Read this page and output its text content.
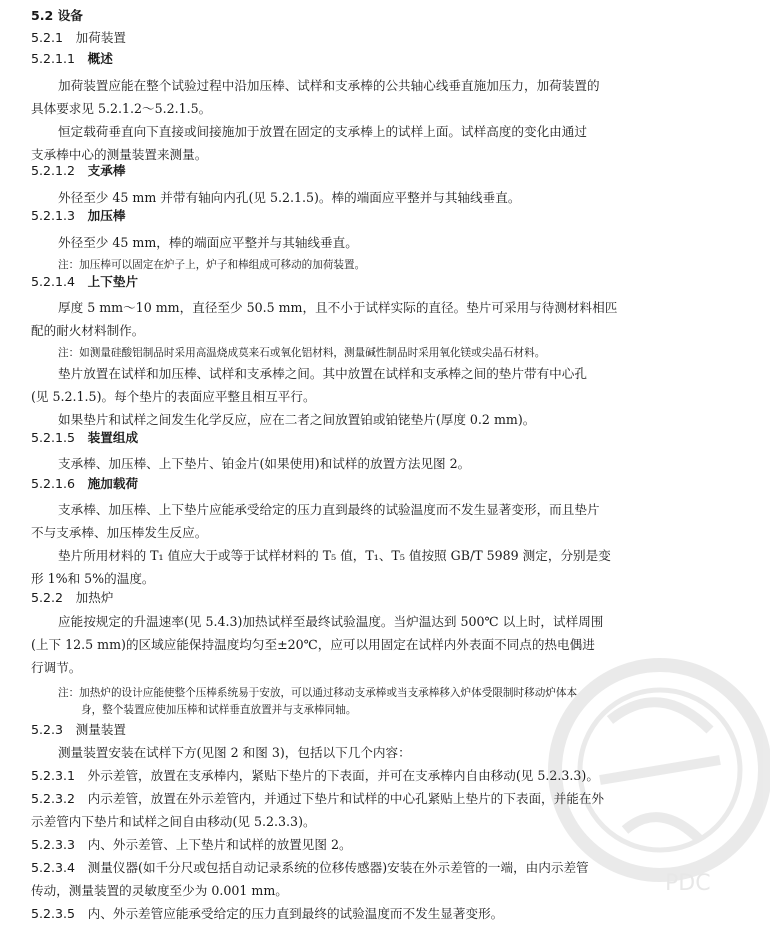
5.2 设备
5.2.1  加荷装置
5.2.1.1  概述
加荷装置应能在整个试验过程中沿加压棒、试样和支承棒的公共轴心线垂直施加压力，加荷装置的
具体要求见 5.2.1.2～5.2.1.5。
恒定载荷垂直向下直接或间接施加于放置在固定的支承棒上的试样上面。试样高度的变化由通过
支承棒中心的测量装置来测量。
5.2.1.2  支承棒
外径至少 45 mm 并带有轴向内孔(见 5.2.1.5)。棒的端面应平整并与其轴线垂直。
5.2.1.3  加压棒
外径至少 45 mm，棒的端面应平整并与其轴线垂直。
注：加压棒可以固定在炉子上，炉子和棒组成可移动的加荷装置。
5.2.1.4  上下垫片
厚度 5 mm～10 mm，直径至少 50.5 mm，且不小于试样实际的直径。垫片可采用与待测材料相匹
配的耐火材料制作。
注：如测量硅酸铝制品时采用高温烧成莫来石或氧化铝材料，测量碱性制品时采用氧化镁或尖晶石材料。
垫片放置在试样和加压棒、试样和支承棒之间。其中放置在试样和支承棒之间的垫片带有中心孔
(见 5.2.1.5)。每个垫片的表面应平整且相互平行。
如果垫片和试样之间发生化学反应，应在二者之间放置铂或铂铑垫片(厚度 0.2 mm)。
5.2.1.5  装置组成
支承棒、加压棒、上下垫片、铂金片(如果使用)和试样的放置方法见图 2。
5.2.1.6  施加载荷
支承棒、加压棒、上下垫片应能承受给定的压力直到最终的试验温度而不发生显著变形，而且垫片
不与支承棒、加压棒发生反应。
垫片所用材料的 T₁ 值应大于或等于试样材料的 T₅ 值，T₁、T₅ 值按照 GB/T 5989 测定，分别是变
形 1%和 5%的温度。
5.2.2  加热炉
应能按规定的升温速率(见 5.4.3)加热试样至最终试验温度。当炉温达到 500℃ 以上时，试样周围
(上下 12.5 mm)的区域应能保持温度均匀至±20℃，应可以用固定在试样内外表面不同点的热电偶进
行调节。
注：加热炉的设计应能使整个压棒系统易于安放，可以通过移动支承棒或当支承棒移入炉体受限制时移动炉体本
身，整个装置应使加压棒和试样垂直放置并与支承棒同轴。
5.2.3  测量装置
测量装置安装在试样下方(见图 2 和图 3)，包括以下几个内容：
5.2.3.1  外示差管，放置在支承棒内，紧贴下垫片的下表面，并可在支承棒内自由移动(见 5.2.3.3)。
5.2.3.2  内示差管，放置在外示差管内，并通过下垫片和试样的中心孔紧贴上垫片的下表面，并能在外
示差管内下垫片和试样之间自由移动(见 5.2.3.3)。
5.2.3.3  内、外示差管、上下垫片和试样的放置见图 2。
5.2.3.4  测量仪器(如千分尺或包括自动记录系统的位移传感器)安装在外示差管的一端，由内示差管
传动，测量装置的灵敏度至少为 0.001 mm。
5.2.3.5  内、外示差管应能承受给定的压力直到最终的试验温度而不发生显著变形。
PDC
